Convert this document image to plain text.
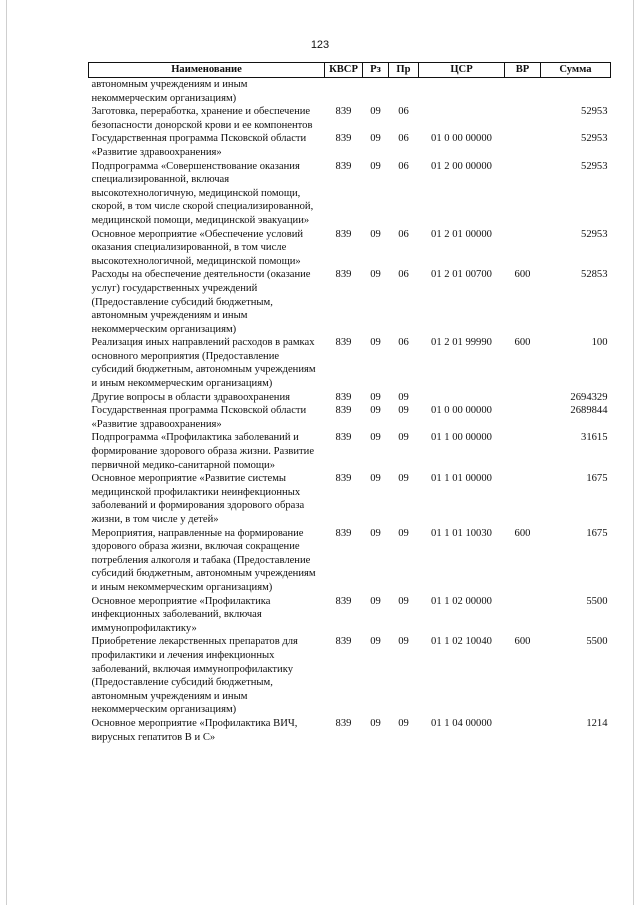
123
Наименование	КВСР	Рз	Пр	ЦСР	ВР	Сумма
автономным учреждениям и иным некоммерческим организациям)						
Заготовка, переработка, хранение и обеспечение безопасности донорской крови и ее компонентов	839	09	06			52953
Государственная программа Псковской области «Развитие здравоохранения»	839	09	06	01 0 00 00000		52953
Подпрограмма «Совершенствование оказания специализированной, включая высокотехнологичную, медицинской помощи, скорой, в том числе скорой специализированной, медицинской помощи, медицинской эвакуации»	839	09	06	01 2 00 00000		52953
Основное мероприятие «Обеспечение условий оказания специализированной, в том числе высокотехнологичной, медицинской помощи»	839	09	06	01 2 01 00000		52953
Расходы на обеспечение деятельности (оказание услуг) государственных учреждений (Предоставление субсидий бюджетным, автономным учреждениям и иным некоммерческим организациям)	839	09	06	01 2 01 00700	600	52853
Реализация иных направлений расходов в рамках основного мероприятия (Предоставление субсидий бюджетным, автономным учреждениям и иным некоммерческим организациям)	839	09	06	01 2 01 99990	600	100
Другие вопросы в области здравоохранения	839	09	09			2694329
Государственная программа Псковской области «Развитие здравоохранения»	839	09	09	01 0 00 00000		2689844
Подпрограмма «Профилактика заболеваний и формирование здорового образа жизни. Развитие первичной медико-санитарной помощи»	839	09	09	01 1 00 00000		31615
Основное мероприятие «Развитие системы медицинской профилактики неинфекционных заболеваний и формирования здорового образа жизни, в том числе у детей»	839	09	09	01 1 01 00000		1675
Мероприятия, направленные на формирование здорового образа жизни, включая сокращение потребления алкоголя и табака (Предоставление субсидий бюджетным, автономным учреждениям и иным некоммерческим организациям)	839	09	09	01 1 01 10030	600	1675
Основное мероприятие «Профилактика инфекционных заболеваний, включая иммунопрофилактику»	839	09	09	01 1 02 00000		5500
Приобретение лекарственных препаратов для профилактики и лечения инфекционных заболеваний, включая иммунопрофилактику (Предоставление субсидий бюджетным, автономным учреждениям и иным некоммерческим организациям)	839	09	09	01 1 02 10040	600	5500
Основное мероприятие «Профилактика ВИЧ, вирусных гепатитов В и С»	839	09	09	01 1 04 00000		1214
